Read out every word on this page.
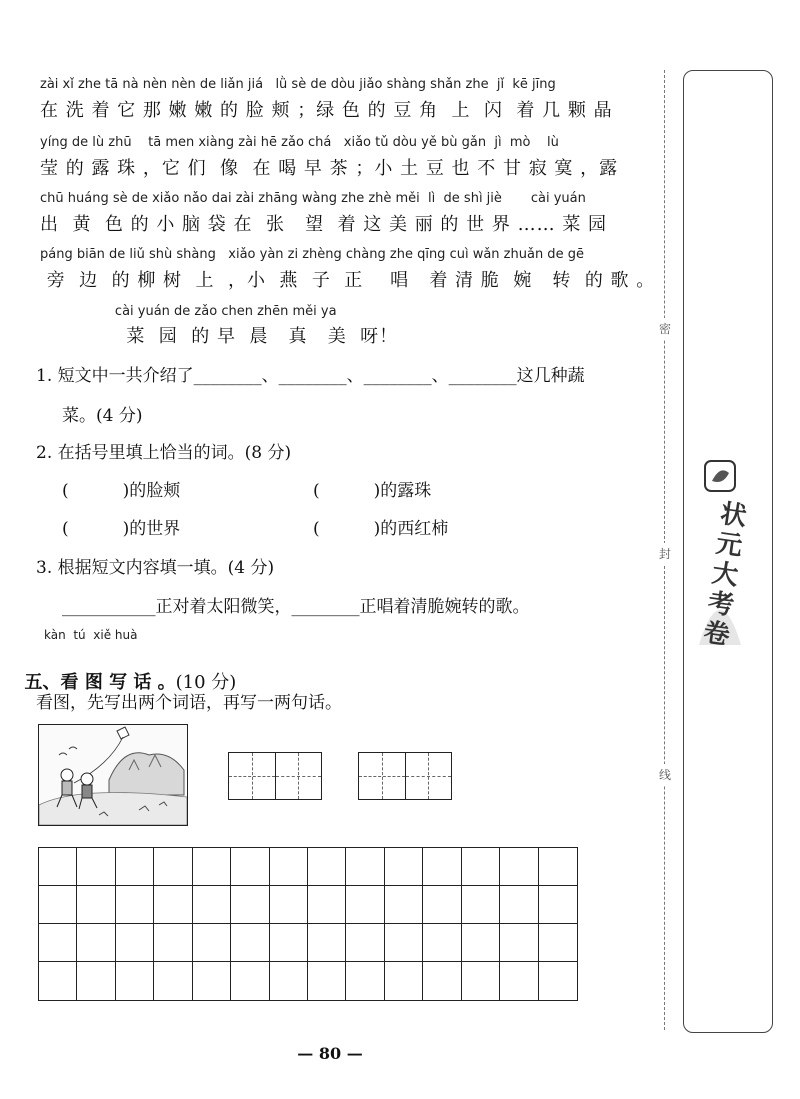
zài xǐ zhe tā nà nèn nèn de liǎn jiá   lǜ sè de dòu jiǎo shàng shǎn zhe  jǐ  kē jīng
在 洗 着 它 那 嫩 嫩 的 脸 颊 ；绿 色 的 豆 角  上  闪  着 几 颗 晶
yíng de lù zhū    tā men xiàng zài hē zǎo chá   xiǎo tǔ dòu yě bù gǎn  jì  mò    lù
莹 的 露 珠 ，它 们  像  在 喝 早 茶 ；小 土 豆 也 不 甘 寂 寞 ，露
chū huáng sè de xiǎo nǎo dai zài zhāng wàng zhe zhè měi  lì  de shì jiè       cài yuán
出  黄  色 的 小 脑 袋 在  张   望  着 这 美 丽 的 世 界 …… 菜 园
páng biān de liǔ shù shàng   xiǎo yàn zi zhèng chàng zhe qīng cuì wǎn zhuǎn de gē
旁  边  的 柳 树  上  ，小  燕  子  正    唱   着 清 脆  婉   转  的 歌 。
cài yuán de zǎo chen zhēn měi ya
菜  园  的 早  晨   真   美  呀！
1. 短文中一共介绍了________、________、________、________这几种蔬
菜。(4 分)
2. 在括号里填上恰当的词。(8 分)
(          )的脸颊	(          )的露珠
(          )的世界	(          )的西红柿
3. 根据短文内容填一填。(4 分)
___________正对着太阳微笑，________正唱着清脆婉转的歌。
kàn  tú  xiě huà

五、看 图 写 话 。(10 分)

看图，先写出两个词语，再写一两句话。
密
封
线
状元大考卷
— 80 —
